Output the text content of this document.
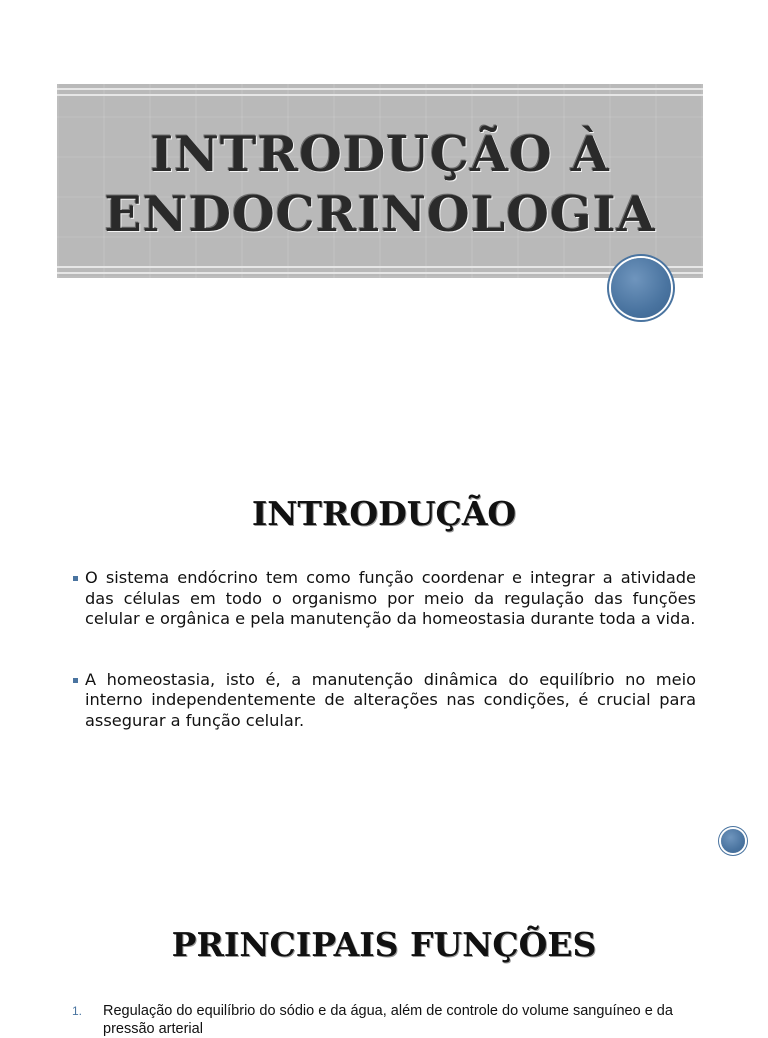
INTRODUÇÃO À
ENDOCRINOLOGIA
INTRODUÇÃO
O sistema endócrino tem como função coordenar e integrar a atividade das células em todo o organismo por meio da regulação das funções celular e orgânica e pela manutenção da homeostasia durante toda a vida.
A homeostasia, isto é, a manutenção dinâmica do equilíbrio no meio interno independentemente de alterações nas condições, é crucial para assegurar a função celular.
PRINCIPAIS FUNÇÕES
1. Regulação do equilíbrio do sódio e da água, além de controle do volume sanguíneo e da pressão arterial
